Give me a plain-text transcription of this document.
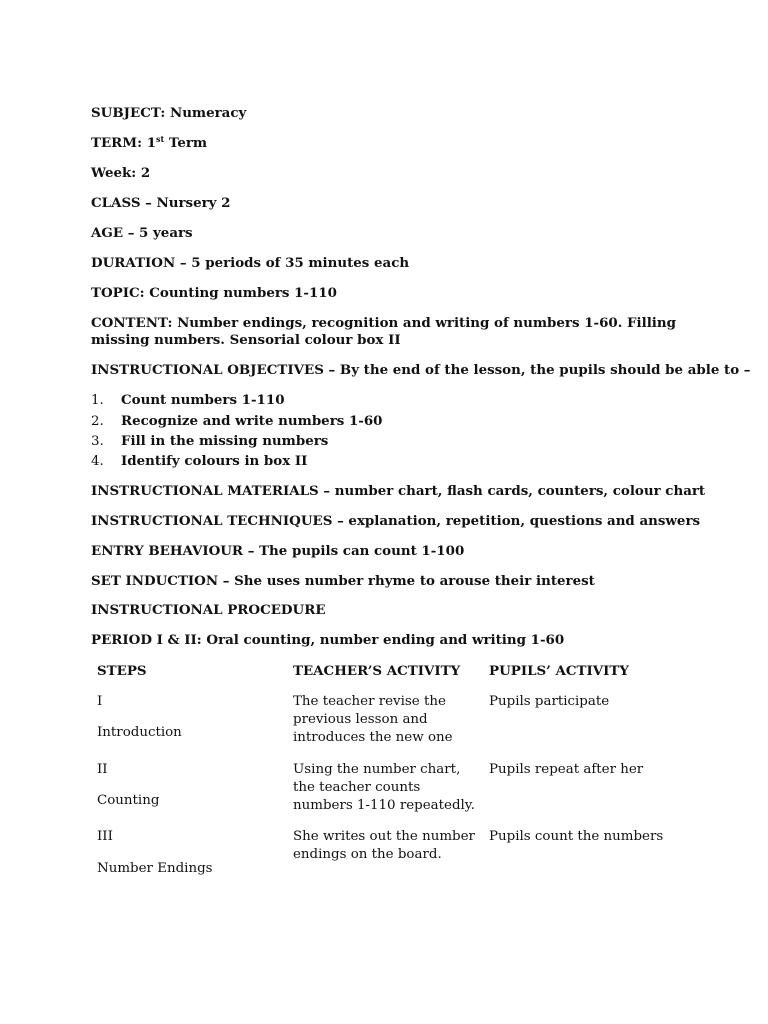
SUBJECT: Numeracy
TERM: 1st Term
Week: 2
CLASS – Nursery 2
AGE – 5 years
DURATION – 5 periods of 35 minutes each
TOPIC: Counting numbers 1-110
CONTENT: Number endings, recognition and writing of numbers 1-60. Filling missing numbers. Sensorial colour box II
INSTRUCTIONAL OBJECTIVES – By the end of the lesson, the pupils should be able to –
1. Count numbers 1-110
2. Recognize and write numbers 1-60
3. Fill in the missing numbers
4. Identify colours in box II
INSTRUCTIONAL MATERIALS – number chart, flash cards, counters, colour chart
INSTRUCTIONAL TECHNIQUES – explanation, repetition, questions and answers
ENTRY BEHAVIOUR – The pupils can count 1-100
SET INDUCTION – She uses number rhyme to arouse their interest
INSTRUCTIONAL PROCEDURE
PERIOD I & II: Oral counting, number ending and writing 1-60
STEPS	TEACHER’S ACTIVITY	PUPILS’ ACTIVITY
I
Introduction
The teacher revise the previous lesson and introduces the new one
Pupils participate
II
Counting
Using the number chart, the teacher counts numbers 1-110 repeatedly.
Pupils repeat after her
III
Number Endings
She writes out the number endings on the board.
Pupils count the numbers
